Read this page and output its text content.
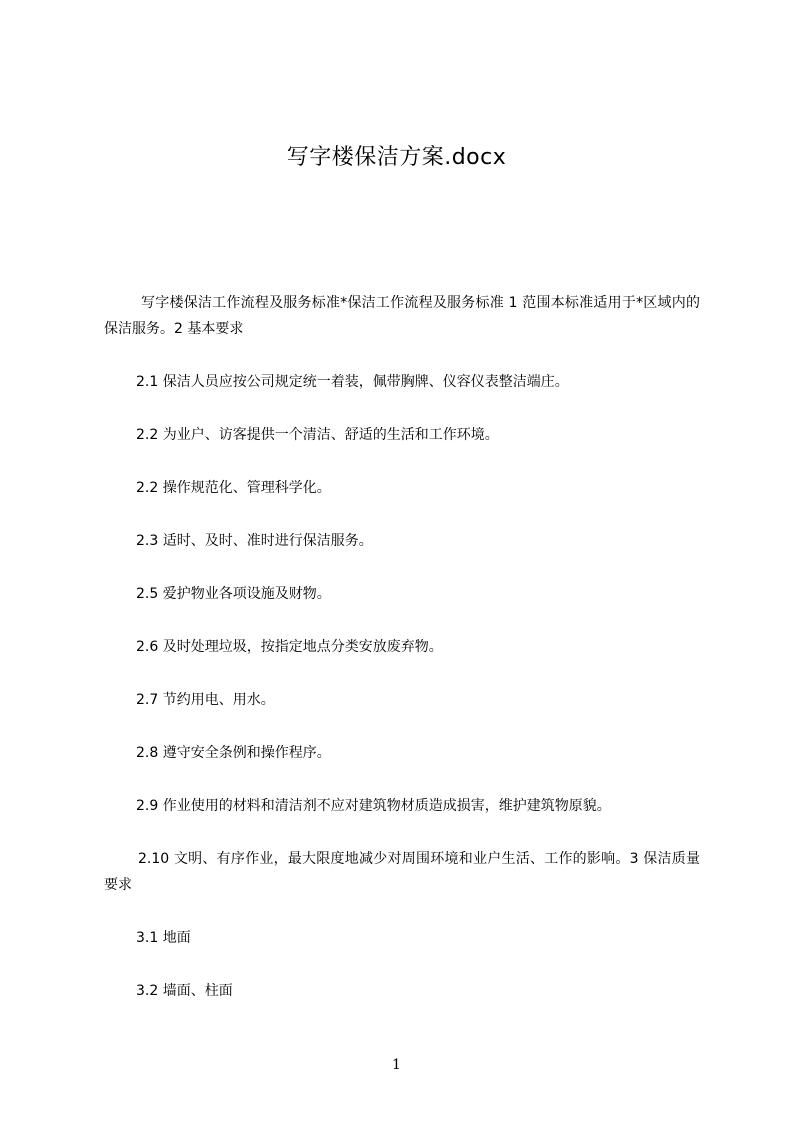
写字楼保洁方案.docx

写字楼保洁工作流程及服务标准*保洁工作流程及服务标准 1 范围本标准适用于*区域内的保洁服务。2 基本要求

2.1 保洁人员应按公司规定统一着装，佩带胸牌、仪容仪表整洁端庄。

2.2 为业户、访客提供一个清洁、舒适的生活和工作环境。

2.2 操作规范化、管理科学化。

2.3 适时、及时、准时进行保洁服务。

2.5 爱护物业各项设施及财物。

2.6 及时处理垃圾，按指定地点分类安放废弃物。

2.7 节约用电、用水。

2.8 遵守安全条例和操作程序。

2.9 作业使用的材料和清洁剂不应对建筑物材质造成损害，维护建筑物原貌。

2.10 文明、有序作业，最大限度地减少对周围环境和业户生活、工作的影响。3 保洁质量要求

3.1 地面

3.2 墙面、柱面

1
